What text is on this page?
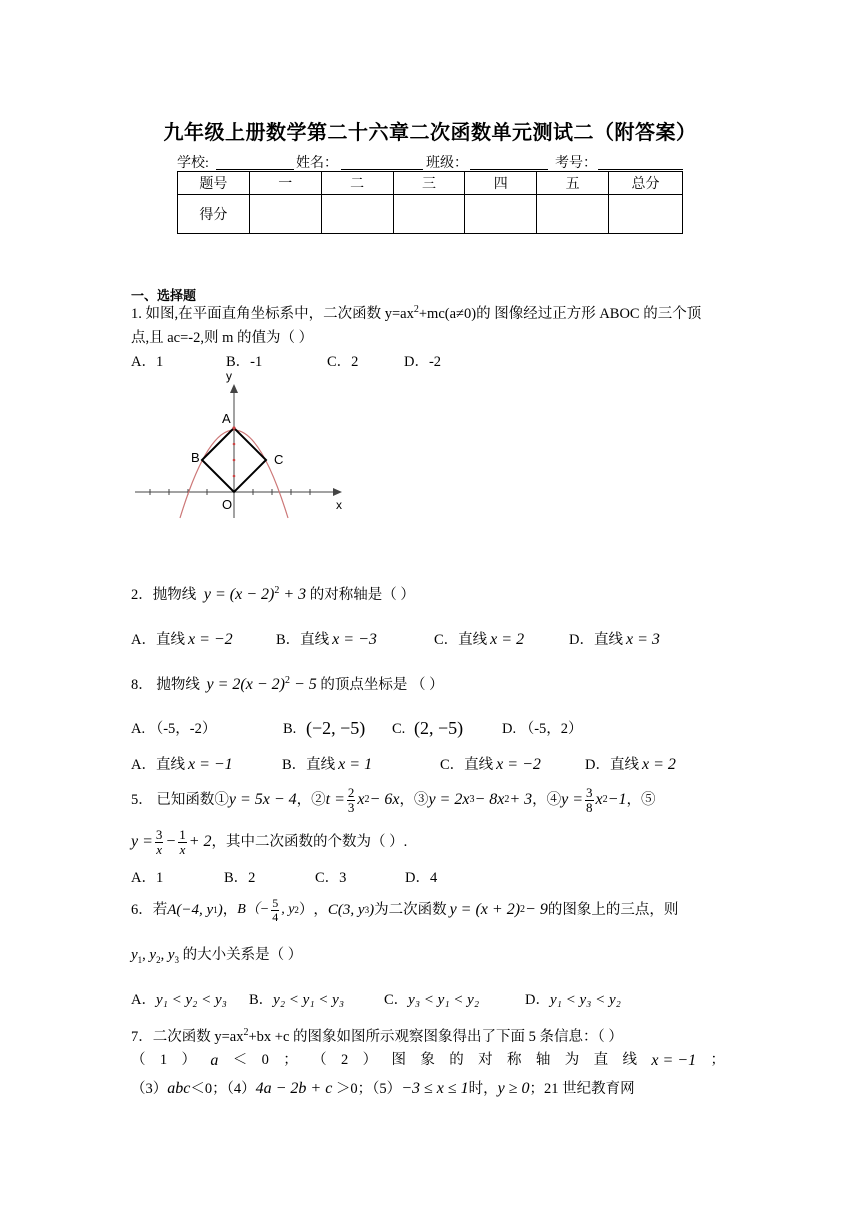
九年级上册数学第二十六章二次函数单元测试二（附答案）
学校:	姓名：	班级：	考号：
题号	一	二	三	四	五	总分
得分						
一、选择题
1. 如图,在平面直角坐标系中，二次函数 $y=ax^2+mc(a\ne 0)$的 图像经过正方形 ABOC 的三个顶
点,且 ac=-2,则 m 的值为（ ）
A．1	B．-1	C．2	D．-2
y
x
A
B	C
O
2．抛物线 $y = (x - 2)^2 + 3$ 的对称轴是（ ）
A．直线 x = −2	B．直线 x = −3	C．直线 x = 2	D．直线 x = 3
8． 抛物线 $y = 2(x - 2)^2 - 5$ 的顶点坐标是 （ ）
A. （-5，-2）	B. (−2, −5) C. (2, −5)	D. （-5，2）
A．直线 x = −1	B．直线 x = 1	C．直线 x = −2	D．直线 x = 2
5． 已知函数① y = 5x − 4 ，② $t = \frac{2}{3}$ x 2 − 6x ，③ y = 2x 3 − 8x 2 + 3 ，④ $y = \frac{3}{8}$ x 2 −1 ，⑤
$y = \frac{3}{x} - \frac{1}{x} + 2$ ，其中二次函数的个数为（ ）.
A．1	B．2	C．3	D．4
6．若 A(−4, y 1 ) ， $B(- \frac{5}{4}$ , y 2 ） ， C(3, y 3 ) 为二次函数 y = (x + 2) 2 − 9 的图象上的三点，则
$y_1$, $y_2$, $y_3$ 的大小关系是（ ）
A．y₁ < y₂ < y₃ B．y₂ < y₁ < y₃	C．y₃ < y₁ < y₂	D．y₁ < y₃ < y₂
7．二次函数 $y=ax^2+bx +c$ 的图象如图所示观察图象得出了下面 5 条信息：（ ）
（ 1 ） a ＜ 0 ； （ 2 ） 图 象 的 对 称 轴 为 直 线 x = −1 ；
（3）abc＜0；（4）4a − 2b + c ＞0；（5）−3 ≤ x ≤ 1时，y ≥ 0；21 世纪教育网
